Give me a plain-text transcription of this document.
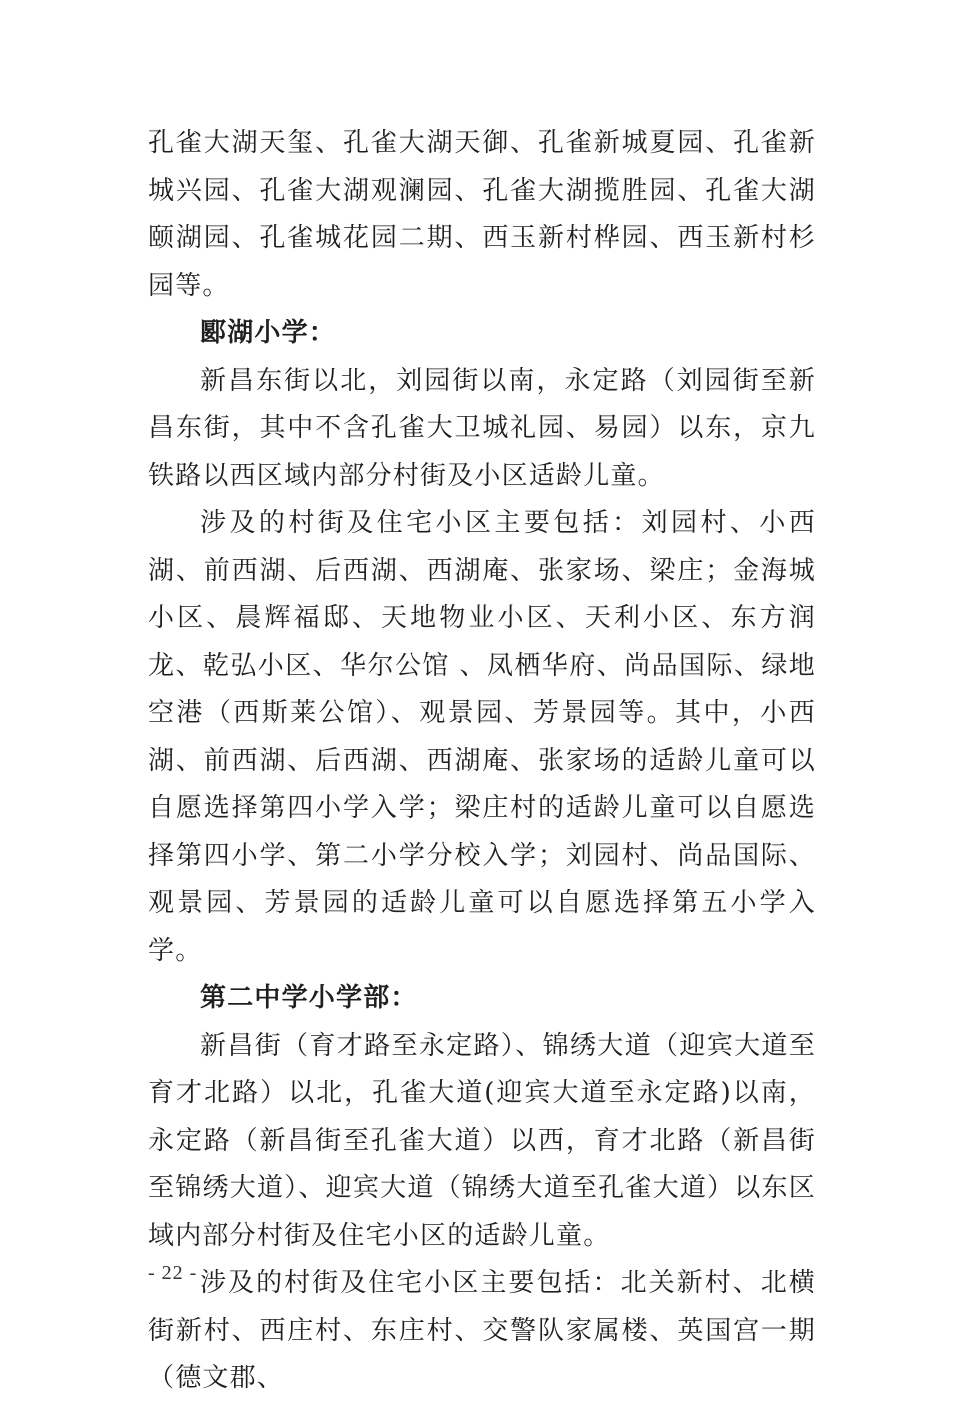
孔雀大湖天玺、孔雀大湖天御、孔雀新城夏园、孔雀新城兴园、孔雀大湖观澜园、孔雀大湖揽胜园、孔雀大湖颐湖园、孔雀城花园二期、西玉新村桦园、西玉新村杉园等。

郾湖小学：

新昌东街以北，刘园街以南，永定路（刘园街至新昌东街，其中不含孔雀大卫城礼园、易园）以东，京九铁路以西区域内部分村街及小区适龄儿童。

涉及的村街及住宅小区主要包括：刘园村、小西湖、前西湖、后西湖、西湖庵、张家场、梁庄；金海城小区、晨辉福邸、天地物业小区、天利小区、东方润龙、乾弘小区、华尔公馆 、凤栖华府、尚品国际、绿地空港（西斯莱公馆）、观景园、芳景园等。其中，小西湖、前西湖、后西湖、西湖庵、张家场的适龄儿童可以自愿选择第四小学入学；梁庄村的适龄儿童可以自愿选择第四小学、第二小学分校入学；刘园村、尚品国际、观景园、芳景园的适龄儿童可以自愿选择第五小学入学。

第二中学小学部：

新昌街（育才路至永定路）、锦绣大道（迎宾大道至育才北路）以北，孔雀大道(迎宾大道至永定路)以南，永定路（新昌街至孔雀大道）以西，育才北路（新昌街至锦绣大道）、迎宾大道（锦绣大道至孔雀大道）以东区域内部分村街及住宅小区的适龄儿童。

涉及的村街及住宅小区主要包括：北关新村、北横街新村、西庄村、东庄村、交警队家属楼、英国宫一期（德文郡、

- 22 -
